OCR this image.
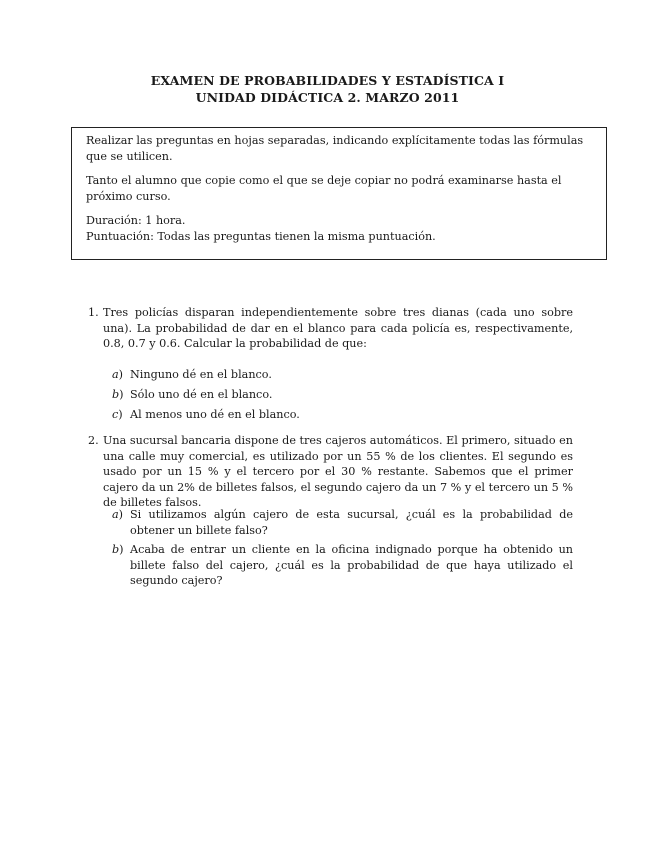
EXAMEN DE PROBABILIDADES Y ESTADÍSTICA I
UNIDAD DIDÁCTICA 2. MARZO 2011

Realizar las preguntas en hojas separadas, indicando explícitamente todas las fórmulas que se utilicen.

Tanto el alumno que copie como el que se deje copiar no podrá examinarse hasta el próximo curso.

Duración: 1 hora.

Puntuación: Todas las preguntas tienen la misma puntuación.

1. Tres policías disparan independientemente sobre tres dianas (cada uno sobre una). La probabilidad de dar en el blanco para cada policía es, respectivamente, 0.8, 0.7 y 0.6. Calcular la probabilidad de que:
a) Ninguno dé en el blanco.
b) Sólo uno dé en el blanco.
c) Al menos uno dé en el blanco.
2. Una sucursal bancaria dispone de tres cajeros automáticos. El primero, situado en una calle muy comercial, es utilizado por un 55 % de los clientes. El segundo es usado por un 15 % y el tercero por el 30 % restante. Sabemos que el primer cajero da un 2% de billetes falsos, el segundo cajero da un 7 % y el tercero un 5 % de billetes falsos.
a) Si utilizamos algún cajero de esta sucursal, ¿cuál es la probabilidad de obtener un billete falso?
b) Acaba de entrar un cliente en la oficina indignado porque ha obtenido un billete falso del cajero, ¿cuál es la probabilidad de que haya utilizado el segundo cajero?
